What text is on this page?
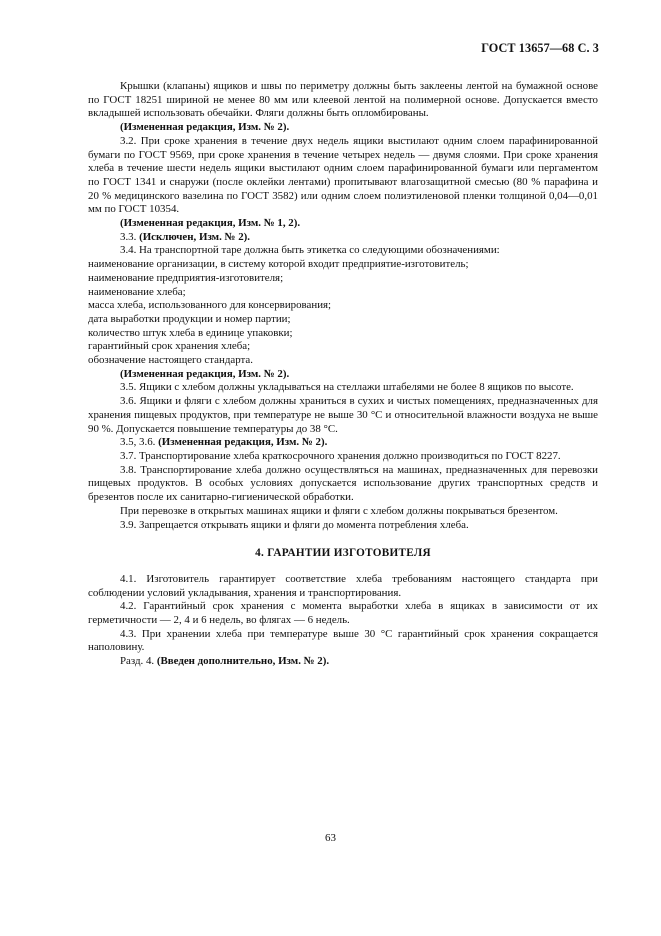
ГОСТ 13657—68 С. 3
Крышки (клапаны) ящиков и швы по периметру должны быть заклеены лентой на бумажной основе по ГОСТ 18251 шириной не менее 80 мм или клеевой лентой на полимерной основе. Допускается вместо вкладышей использовать обечайки. Фляги должны быть опломбированы.
(Измененная редакция, Изм. № 2).
3.2. При сроке хранения в течение двух недель ящики выстилают одним слоем парафинированной бумаги по ГОСТ 9569, при сроке хранения в течение четырех недель — двумя слоями. При сроке хранения хлеба в течение шести недель ящики выстилают одним слоем парафинированной бумаги или пергаментом по ГОСТ 1341 и снаружи (после оклейки лентами) пропитывают влагозащитной смесью (80 % парафина и 20 % медицинского вазелина по ГОСТ 3582) или одним слоем полиэтиленовой пленки толщиной 0,04—0,01 мм по ГОСТ 10354.
(Измененная редакция, Изм. № 1, 2).
3.3. (Исключен, Изм. № 2).
3.4. На транспортной таре должна быть этикетка со следующими обозначениями:
наименование организации, в систему которой входит предприятие-изготовитель;
наименование предприятия-изготовителя;
наименование хлеба;
масса хлеба, использованного для консервирования;
дата выработки продукции и номер партии;
количество штук хлеба в единице упаковки;
гарантийный срок хранения хлеба;
обозначение настоящего стандарта.
(Измененная редакция, Изм. № 2).
3.5. Ящики с хлебом должны укладываться на стеллажи штабелями не более 8 ящиков по высоте.
3.6. Ящики и фляги с хлебом должны храниться в сухих и чистых помещениях, предназначенных для хранения пищевых продуктов, при температуре не выше 30 °С и относительной влажности воздуха не выше 90 %. Допускается повышение температуры до 38 °С.
3.5, 3.6. (Измененная редакция, Изм. № 2).
3.7. Транспортирование хлеба краткосрочного хранения должно производиться по ГОСТ 8227.
3.8. Транспортирование хлеба должно осуществляться на машинах, предназначенных для перевозки пищевых продуктов. В особых условиях допускается использование других транспортных средств и брезентов после их санитарно-гигиенической обработки.
При перевозке в открытых машинах ящики и фляги с хлебом должны покрываться брезентом.
3.9. Запрещается открывать ящики и фляги до момента потребления хлеба.
4. ГАРАНТИИ ИЗГОТОВИТЕЛЯ
4.1. Изготовитель гарантирует соответствие хлеба требованиям настоящего стандарта при соблюдении условий укладывания, хранения и транспортирования.
4.2. Гарантийный срок хранения с момента выработки хлеба в ящиках в зависимости от их герметичности — 2, 4 и 6 недель, во флягах — 6 недель.
4.3. При хранении хлеба при температуре выше 30 °С гарантийный срок хранения сокращается наполовину.
Разд. 4. (Введен дополнительно, Изм. № 2).
63
